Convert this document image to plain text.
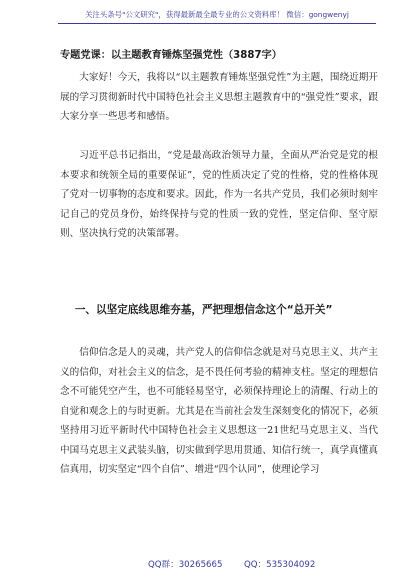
关注头条号"公文研究"，获得最新最全最专业的公文资料库！ 微信：gongwenyj
专题党课：以主题教育锤炼坚强党性（3887字）

大家好！今天，我将以“以主题教育锤炼坚强党性”为主题，围绕近期开展的学习贯彻新时代中国特色社会主义思想主题教育中的“强党性”要求，跟大家分享一些思考和感悟。

习近平总书记指出，“党是最高政治领导力量，全面从严治党是党的根本要求和统领全局的重要保证”，党的性质决定了党的性格，党的性格体现了党对一切事物的态度和要求。因此，作为一名共产党员，我们必须时刻牢记自己的党员身份，始终保持与党的性质一致的党性，坚定信仰、坚守原则、坚决执行党的决策部署。

一、以坚定底线思维夯基，严把理想信念这个“总开关”

信仰信念是人的灵魂，共产党人的信仰信念就是对马克思主义、共产主义的信仰，对社会主义的信念，是不畏任何考验的精神支柱。坚定的理想信念不可能凭空产生，也不可能轻易坚守，必须保持理论上的清醒、行动上的自觉和观念上的与时更新。尤其是在当前社会发生深刻变化的情况下，必须坚持用习近平新时代中国特色社会主义思想这一21世纪马克思主义、当代中国马克思主义武装头脑，切实做到学思用贯通、知信行统一，真学真懂真信真用，切实坚定“四个自信”、增进“四个认同”，使理论学习

QQ群：30265665	QQ：535304092
